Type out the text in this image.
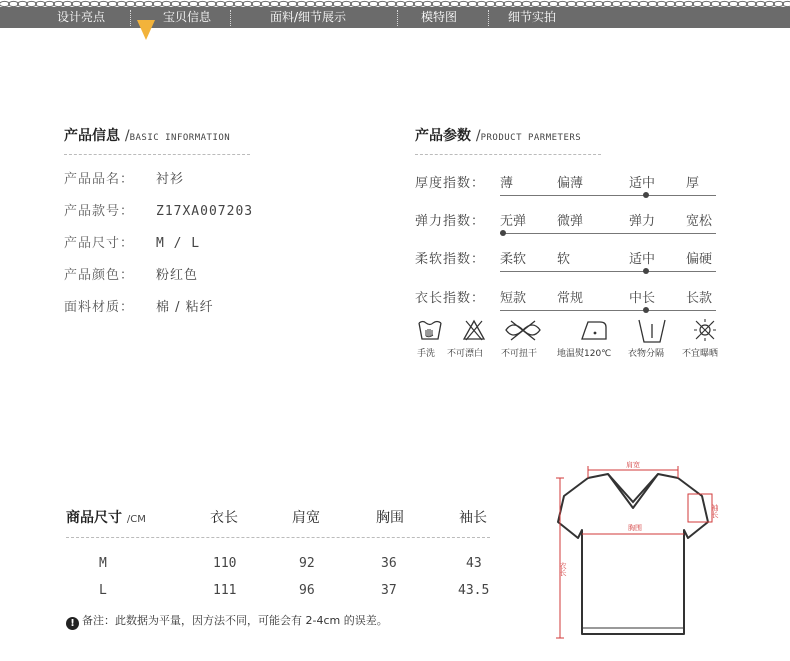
设计亮点	宝贝信息	面料/细节展示	模特图	细节实拍
产品信息 /BASIC INFORMATION
产品品名： 衬衫
产品款号： Z17XA007203
产品尺寸： M / L
产品颜色： 粉红色
面料材质： 棉 / 粘纤
产品参数 /PRODUCT PARMETERS
厚度指数： 薄	偏薄	适中 厚
弹力指数： 无弹 微弹	弹力 宽松
柔软指数： 柔软 软	适中 偏硬
衣长指数： 短款 常规	中长 长款
手洗 不可漂白 不可扭干 地温熨120℃ 衣物分隔 不宜曝晒
商品尺寸 /CM	衣长	肩宽	胸围	袖长
M	110	92	36	43
L	111	96	37	43.5
! 备注：此数据为平量，因方法不同，可能会有 2-4cm 的误差。
肩宽
胸围
袖长
衣长
